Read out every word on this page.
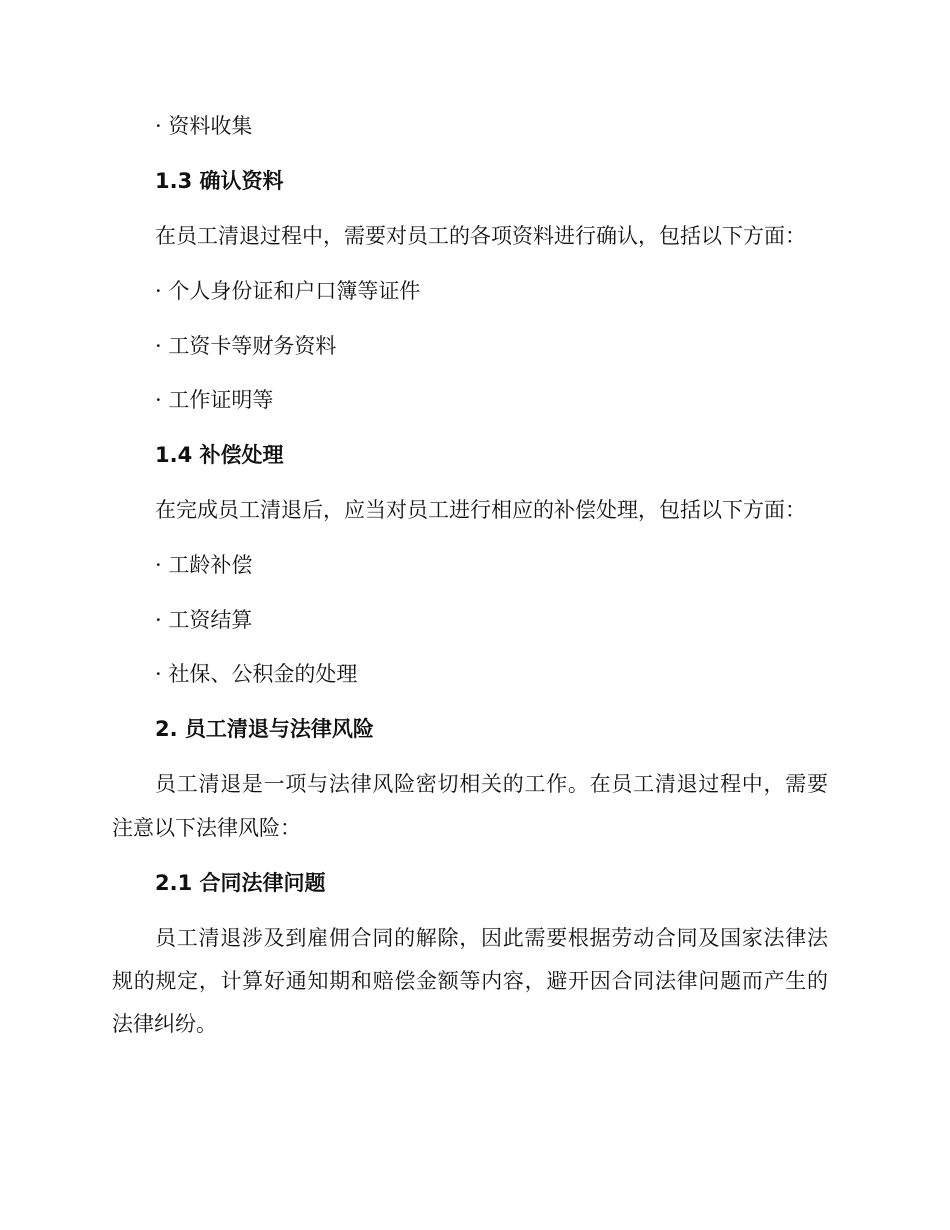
· 资料收集
1.3 确认资料
在员工清退过程中，需要对员工的各项资料进行确认，包括以下方面：
· 个人身份证和户口簿等证件
· 工资卡等财务资料
· 工作证明等
1.4 补偿处理
在完成员工清退后，应当对员工进行相应的补偿处理，包括以下方面：
· 工龄补偿
· 工资结算
· 社保、公积金的处理
2. 员工清退与法律风险
员工清退是一项与法律风险密切相关的工作。在员工清退过程中，需要
注意以下法律风险：
2.1 合同法律问题
员工清退涉及到雇佣合同的解除，因此需要根据劳动合同及国家法律法
规的规定，计算好通知期和赔偿金额等内容，避开因合同法律问题而产生的
法律纠纷。
